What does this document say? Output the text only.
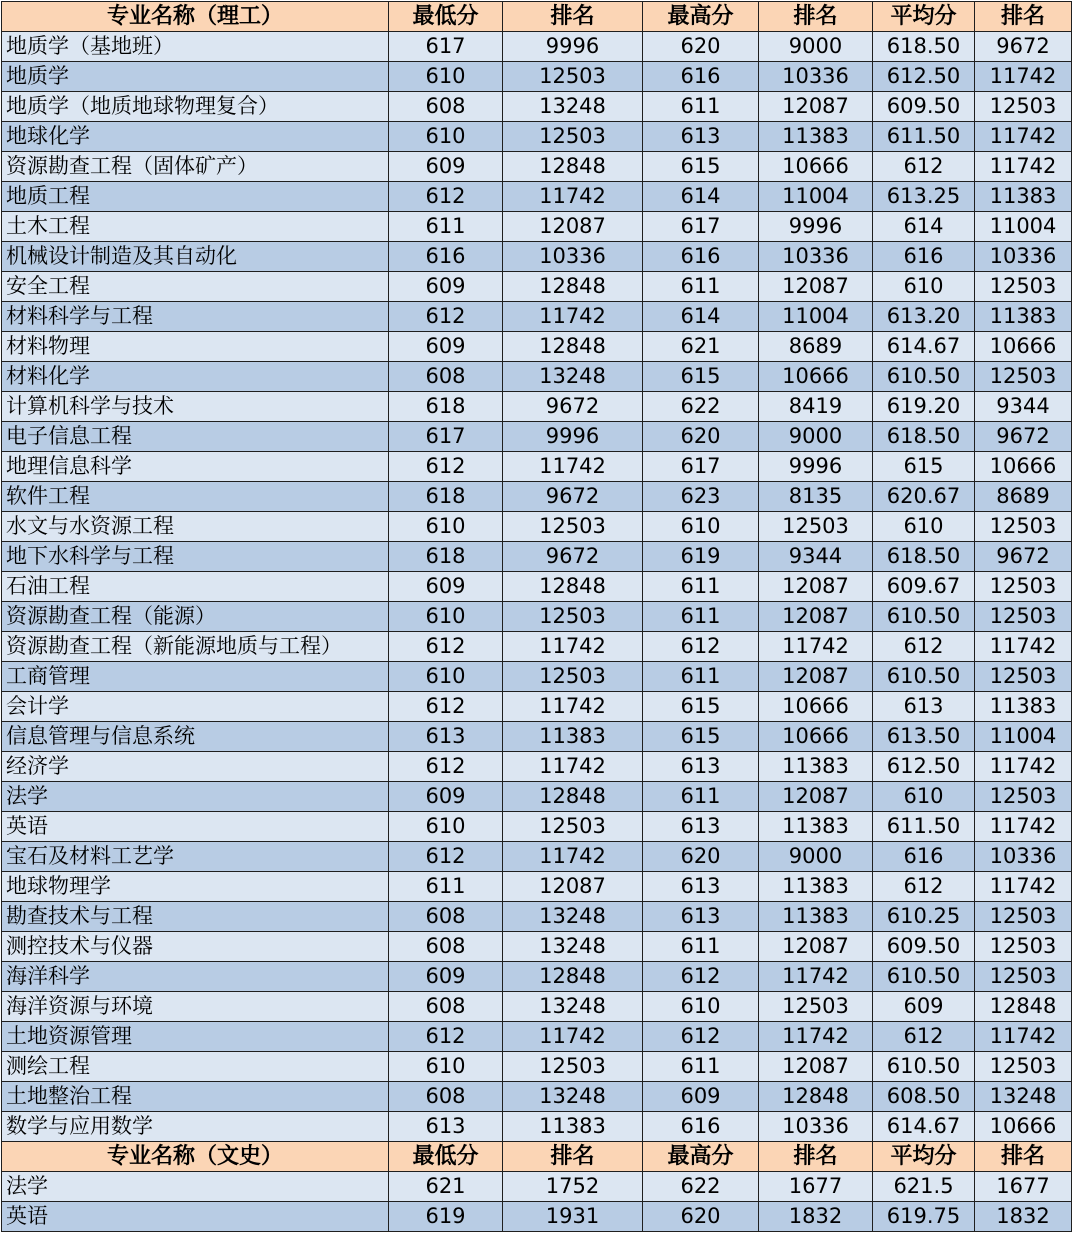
专业名称（理工）	最低分	排名	最高分	排名	平均分	排名
地质学（基地班）	617	9996	620	9000	618.50	9672
地质学	610	12503	616	10336	612.50	11742
地质学（地质地球物理复合）	608	13248	611	12087	609.50	12503
地球化学	610	12503	613	11383	611.50	11742
资源勘查工程（固体矿产）	609	12848	615	10666	612	11742
地质工程	612	11742	614	11004	613.25	11383
土木工程	611	12087	617	9996	614	11004
机械设计制造及其自动化	616	10336	616	10336	616	10336
安全工程	609	12848	611	12087	610	12503
材料科学与工程	612	11742	614	11004	613.20	11383
材料物理	609	12848	621	8689	614.67	10666
材料化学	608	13248	615	10666	610.50	12503
计算机科学与技术	618	9672	622	8419	619.20	9344
电子信息工程	617	9996	620	9000	618.50	9672
地理信息科学	612	11742	617	9996	615	10666
软件工程	618	9672	623	8135	620.67	8689
水文与水资源工程	610	12503	610	12503	610	12503
地下水科学与工程	618	9672	619	9344	618.50	9672
石油工程	609	12848	611	12087	609.67	12503
资源勘查工程（能源）	610	12503	611	12087	610.50	12503
资源勘查工程（新能源地质与工程）	612	11742	612	11742	612	11742
工商管理	610	12503	611	12087	610.50	12503
会计学	612	11742	615	10666	613	11383
信息管理与信息系统	613	11383	615	10666	613.50	11004
经济学	612	11742	613	11383	612.50	11742
法学	609	12848	611	12087	610	12503
英语	610	12503	613	11383	611.50	11742
宝石及材料工艺学	612	11742	620	9000	616	10336
地球物理学	611	12087	613	11383	612	11742
勘查技术与工程	608	13248	613	11383	610.25	12503
测控技术与仪器	608	13248	611	12087	609.50	12503
海洋科学	609	12848	612	11742	610.50	12503
海洋资源与环境	608	13248	610	12503	609	12848
土地资源管理	612	11742	612	11742	612	11742
测绘工程	610	12503	611	12087	610.50	12503
土地整治工程	608	13248	609	12848	608.50	13248
数学与应用数学	613	11383	616	10336	614.67	10666
专业名称（文史）	最低分	排名	最高分	排名	平均分	排名
法学	621	1752	622	1677	621.5	1677
英语	619	1931	620	1832	619.75	1832
